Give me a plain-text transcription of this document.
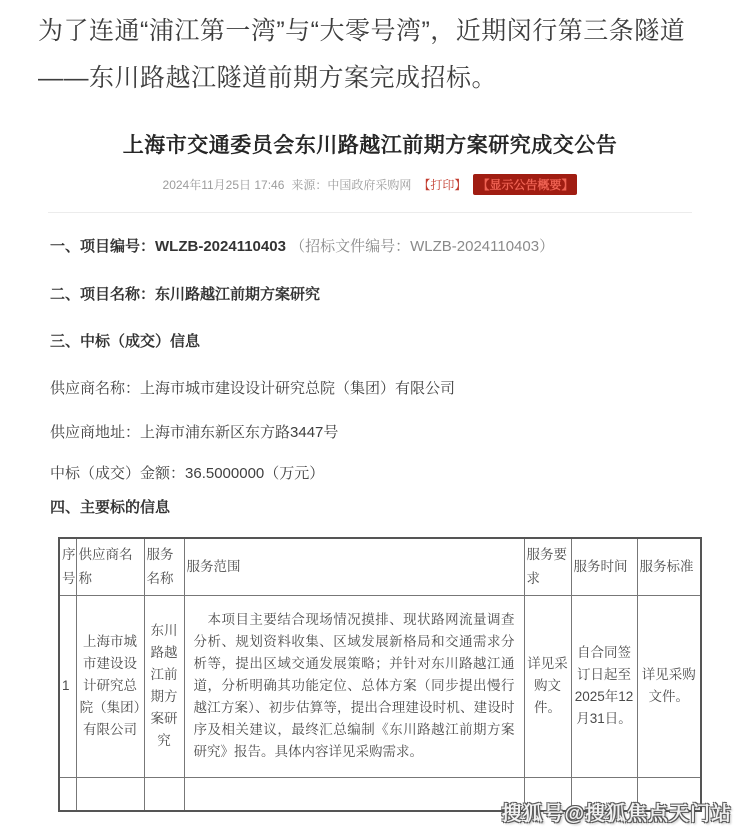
为了连通“浦江第一湾”与“大零号湾”，近期闵行第三条隧道——东川路越江隧道前期方案完成招标。

上海市交通委员会东川路越江前期方案研究成交公告
2024年11月25日 17:46 来源：中国政府采购网 【打印】 【显示公告概要】

一、项目编号：WLZB-2024110403 （招标文件编号：WLZB-2024110403）

二、项目名称：东川路越江前期方案研究

三、中标（成交）信息

供应商名称：上海市城市建设设计研究总院（集团）有限公司

供应商地址：上海市浦东新区东方路3447号

中标（成交）金额：36.5000000（万元）

四、主要标的信息

序号	供应商名称	服务名称	服务范围	服务要求	服务时间	服务标准
1	上海市城市建设设计研究总院（集团）有限公司	东川路越江前期方案研究	本项目主要结合现场情况摸排、现状路网流量调查分析、规划资料收集、区域发展新格局和交通需求分析等，提出区域交通发展策略；并针对东川路越江通道，分析明确其功能定位、总体方案（同步提出慢行越江方案）、初步估算等，提出合理建设时机、建设时序及相关建议，最终汇总编制《东川路越江前期方案研究》报告。具体内容详见采购需求。	详见采购文件。	自合同签订日起至2025年12月31日。	详见采购文件。

搜狐号@搜狐焦点天门站
